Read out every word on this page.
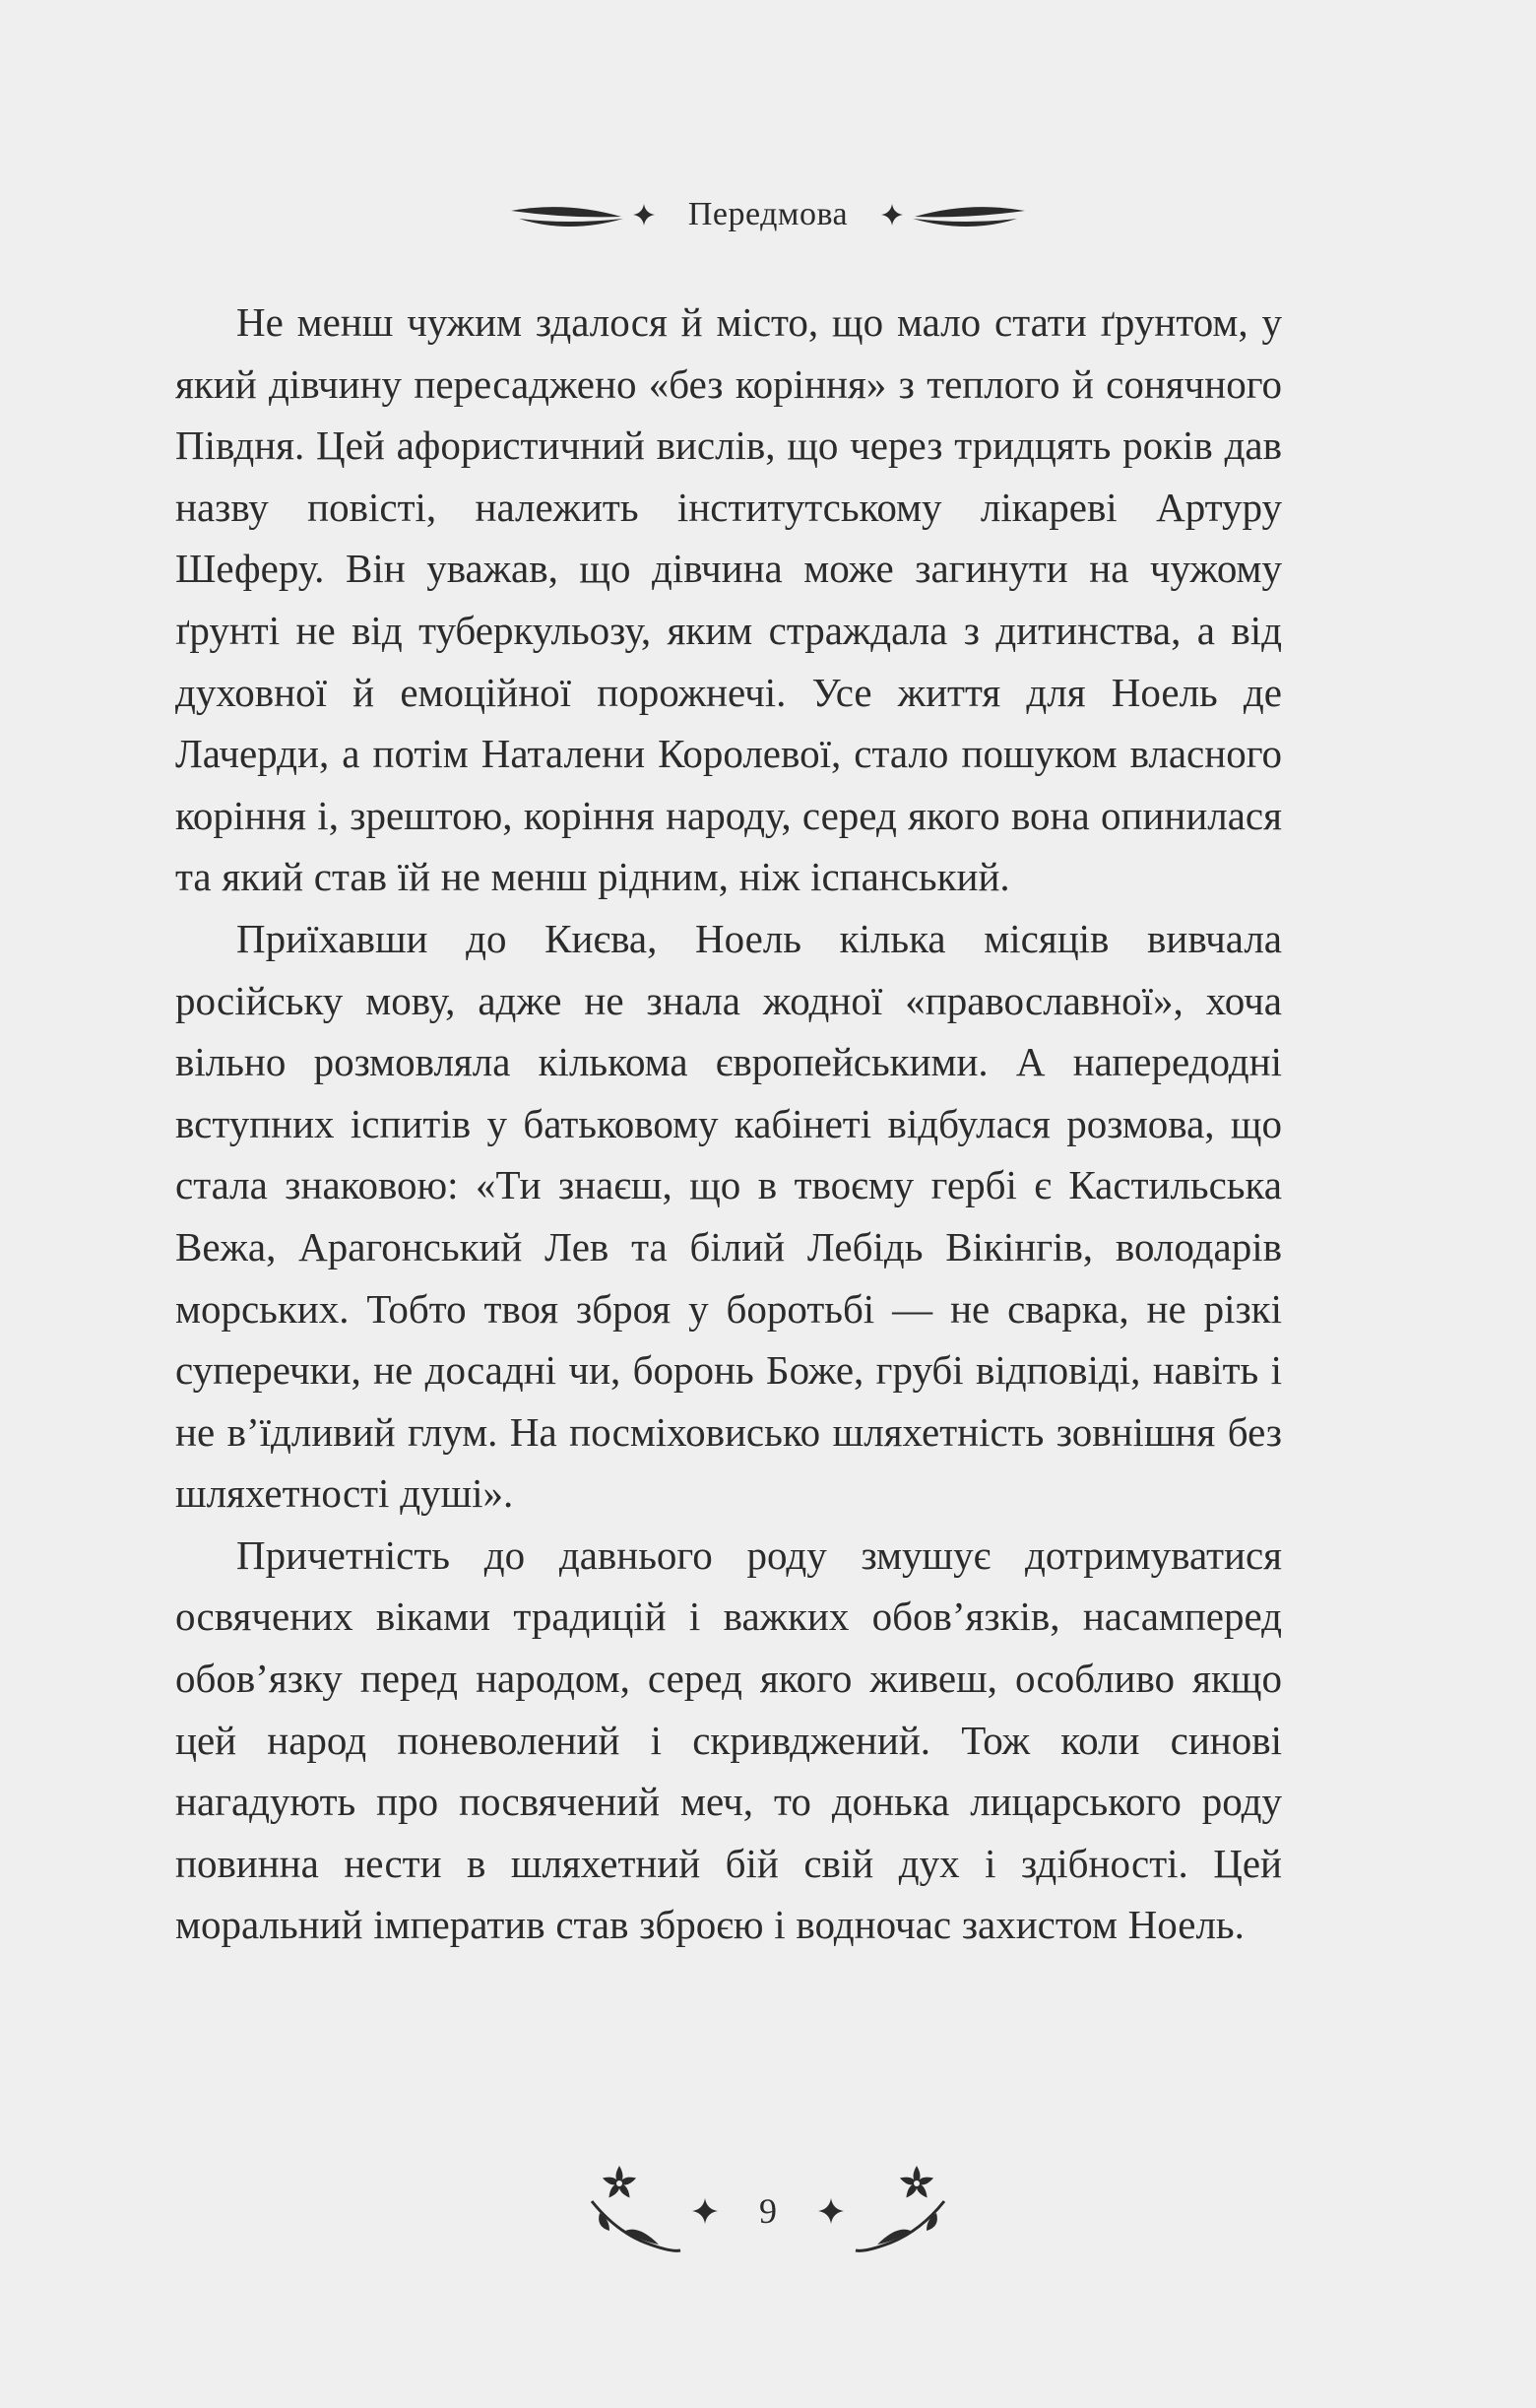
Передмова

Не менш чужим здалося й місто, що мало стати ґрунтом, у який дівчину пересаджено «без коріння» з теплого й сонячного Півдня. Цей афористичний вислів, що через тридцять років дав назву повісті, належить інститутському лікареві Артуру Шеферу. Він уважав, що дівчина може загинути на чужому ґрунті не від туберкульозу, яким страждала з дитинства, а від духовної й емоційної порожнечі. Усе життя для Ноель де Лачерди, а потім Наталени Королевої, стало пошуком власного коріння і, зрештою, коріння народу, серед якого вона опинилася та який став їй не менш рідним, ніж іспанський.

Приїхавши до Києва, Ноель кілька місяців вивчала російську мову, адже не знала жодної «православної», хоча вільно розмовляла кількома європейськими. А напередодні вступних іспитів у батьковому кабінеті відбулася розмова, що стала знаковою: «Ти знаєш, що в твоєму гербі є Кастильська Вежа, Арагонський Лев та білий Лебідь Вікінгів, володарів морських. Тобто твоя зброя у боротьбі — не сварка, не різкі суперечки, не досадні чи, боронь Боже, грубі відповіді, навіть і не в’їдливий глум. На посміховисько шляхетність зовнішня без шляхетності душі».

Причетність до давнього роду змушує дотримуватися освячених віками традицій і важких обов’язків, насамперед обов’язку перед народом, серед якого живеш, особливо якщо цей народ поневолений і скривджений. Тож коли синові нагадують про посвячений меч, то донька лицарського роду повинна нести в шляхетний бій свій дух і здібності. Цей моральний імператив став зброєю і водночас захистом Ноель.

9
